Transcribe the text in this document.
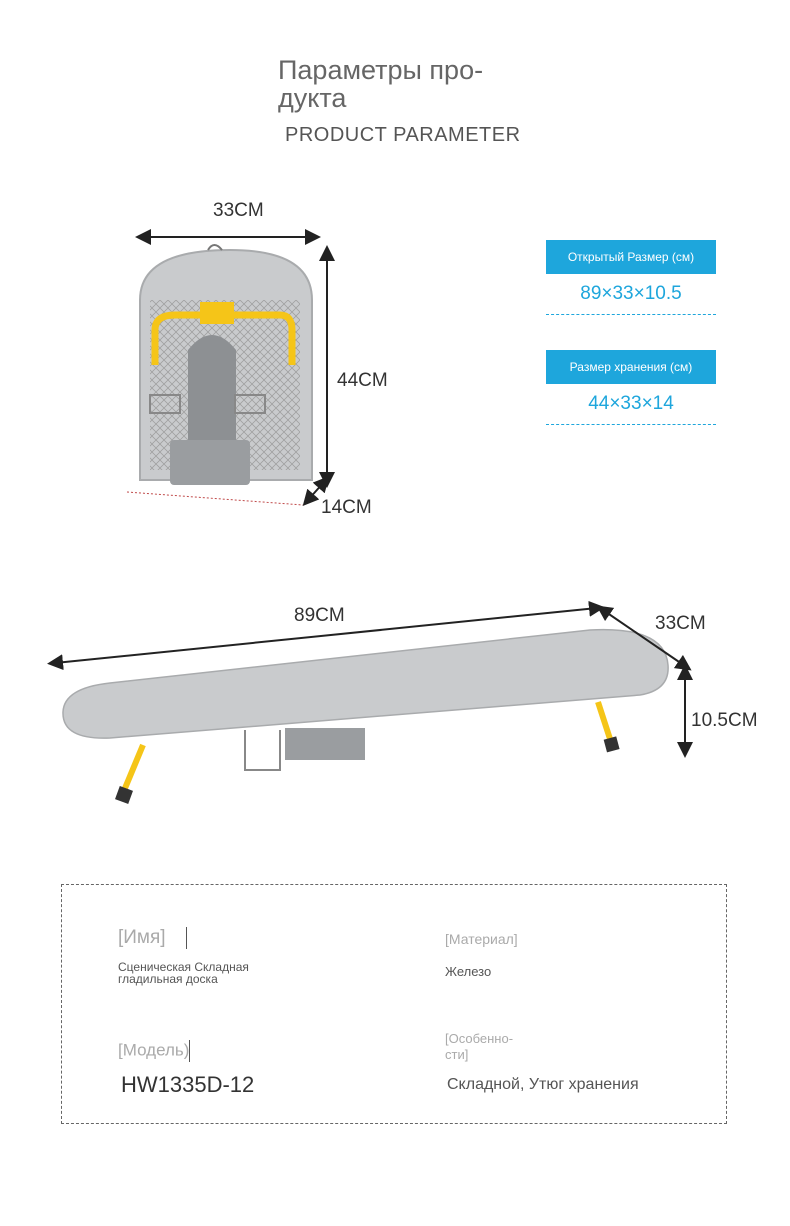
Параметры про-дукта
PRODUCT PARAMETER
33CM
44CM
14CM
Открытый Размер (см)
89×33×10.5
Размер хранения (см)
44×33×14
89CM	33CM
10.5CM
[Имя]
Сценическая Складная гладильная доска
[Материал]
Железо
[Модель)
HW1335D-12
[Особенно-сти]
Складной, Утюг хранения
